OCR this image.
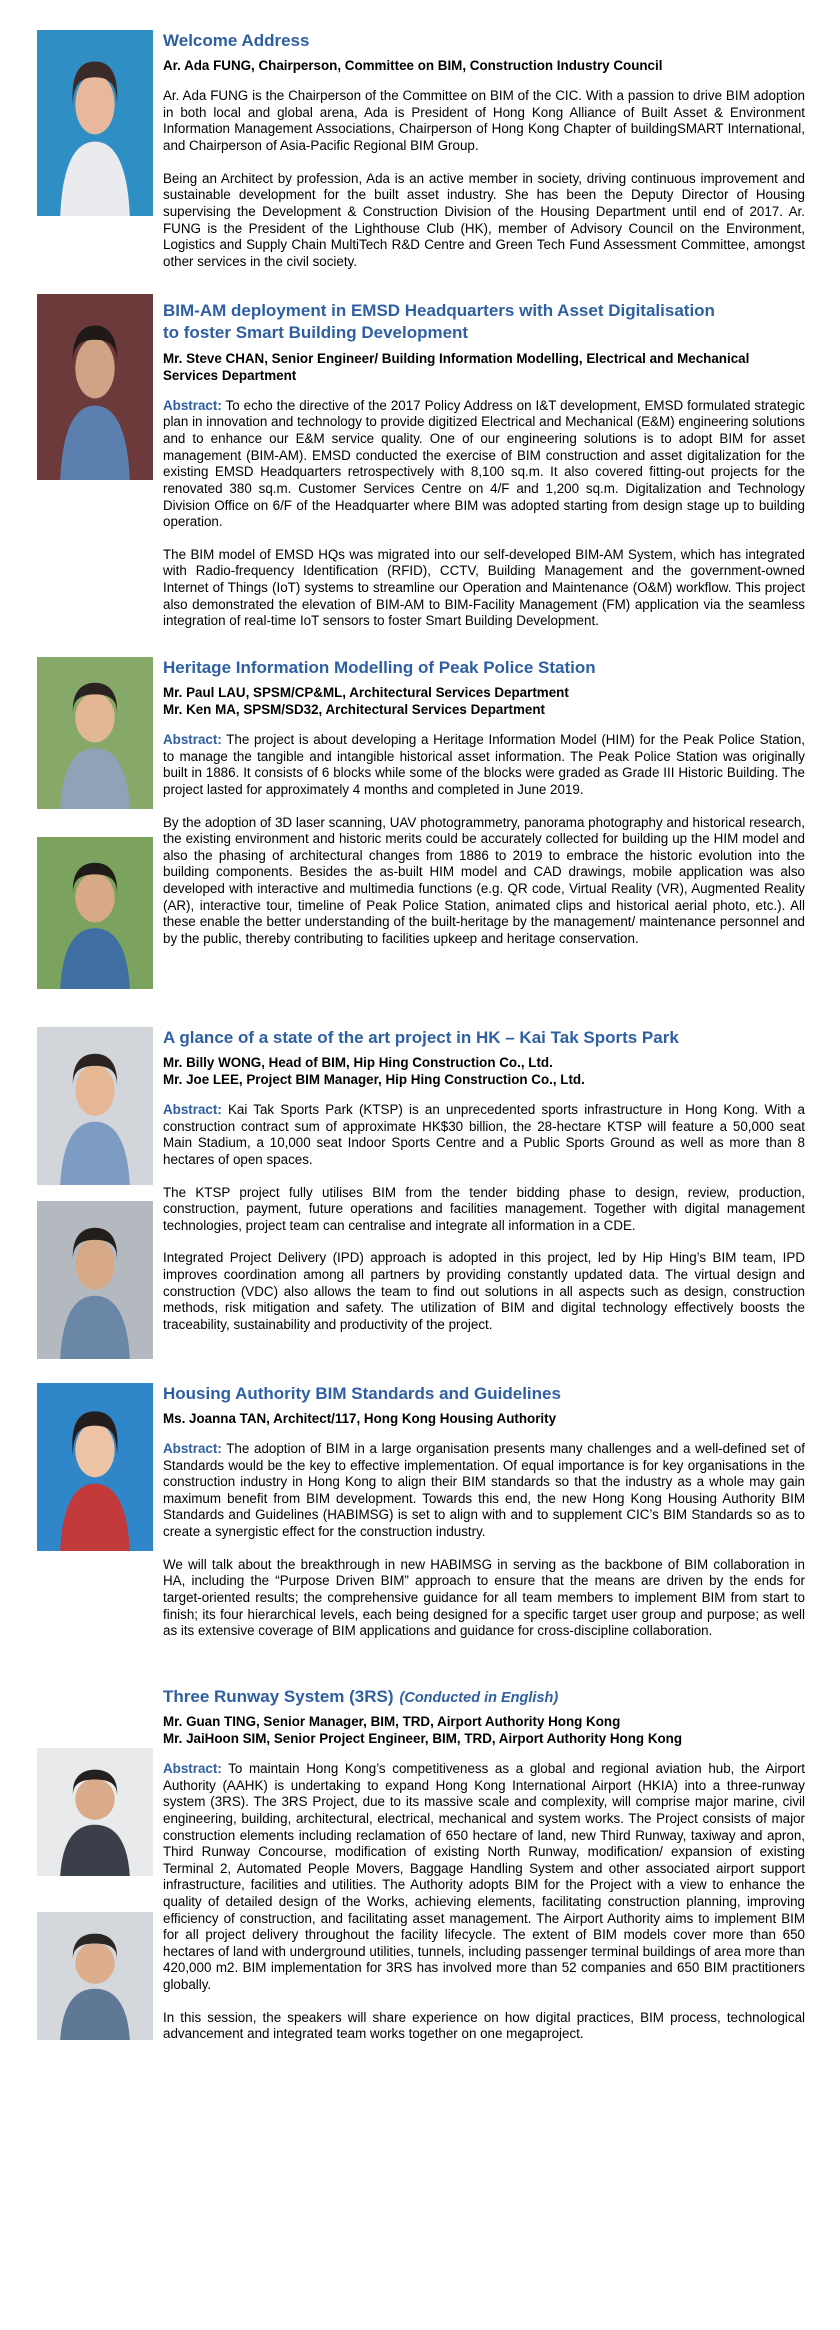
Welcome Address
Ar. Ada FUNG, Chairperson, Committee on BIM, Construction Industry Council

Ar. Ada FUNG is the Chairperson of the Committee on BIM of the CIC. With a passion to drive BIM adoption in both local and global arena, Ada is President of Hong Kong Alliance of Built Asset & Environment Information Management Associations, Chairperson of Hong Kong Chapter of buildingSMART International, and Chairperson of Asia-Pacific Regional BIM Group.

Being an Architect by profession, Ada is an active member in society, driving continuous improvement and sustainable development for the built asset industry. She has been the Deputy Director of Housing supervising the Development & Construction Division of the Housing Department until end of 2017. Ar. FUNG is the President of the Lighthouse Club (HK), member of Advisory Council on the Environment, Logistics and Supply Chain MultiTech R&D Centre and Green Tech Fund Assessment Committee, amongst other services in the civil society.

BIM-AM deployment in EMSD Headquarters with Asset Digitalisation to foster Smart Building Development
Mr. Steve CHAN, Senior Engineer/ Building Information Modelling, Electrical and Mechanical Services Department

Abstract: To echo the directive of the 2017 Policy Address on I&T development, EMSD formulated strategic plan in innovation and technology to provide digitized Electrical and Mechanical (E&M) engineering solutions and to enhance our E&M service quality. One of our engineering solutions is to adopt BIM for asset management (BIM-AM). EMSD conducted the exercise of BIM construction and asset digitalization for the existing EMSD Headquarters retrospectively with 8,100 sq.m. It also covered fitting-out projects for the renovated 380 sq.m. Customer Services Centre on 4/F and 1,200 sq.m. Digitalization and Technology Division Office on 6/F of the Headquarter where BIM was adopted starting from design stage up to building operation.

The BIM model of EMSD HQs was migrated into our self-developed BIM-AM System, which has integrated with Radio-frequency Identification (RFID), CCTV, Building Management and the government-owned Internet of Things (IoT) systems to streamline our Operation and Maintenance (O&M) workflow. This project also demonstrated the elevation of BIM-AM to BIM-Facility Management (FM) application via the seamless integration of real-time IoT sensors to foster Smart Building Development.

Heritage Information Modelling of Peak Police Station
Mr. Paul LAU, SPSM/CP&ML, Architectural Services Department
Mr. Ken MA, SPSM/SD32, Architectural Services Department

Abstract: The project is about developing a Heritage Information Model (HIM) for the Peak Police Station, to manage the tangible and intangible historical asset information. The Peak Police Station was originally built in 1886. It consists of 6 blocks while some of the blocks were graded as Grade III Historic Building. The project lasted for approximately 4 months and completed in June 2019.

By the adoption of 3D laser scanning, UAV photogrammetry, panorama photography and historical research, the existing environment and historic merits could be accurately collected for building up the HIM model and also the phasing of architectural changes from 1886 to 2019 to embrace the historic evolution into the building components. Besides the as-built HIM model and CAD drawings, mobile application was also developed with interactive and multimedia functions (e.g. QR code, Virtual Reality (VR), Augmented Reality (AR), interactive tour, timeline of Peak Police Station, animated clips and historical aerial photo, etc.). All these enable the better understanding of the built-heritage by the management/ maintenance personnel and by the public, thereby contributing to facilities upkeep and heritage conservation.

A glance of a state of the art project in HK – Kai Tak Sports Park
Mr. Billy WONG, Head of BIM, Hip Hing Construction Co., Ltd.
Mr. Joe LEE, Project BIM Manager, Hip Hing Construction Co., Ltd.

Abstract: Kai Tak Sports Park (KTSP) is an unprecedented sports infrastructure in Hong Kong. With a construction contract sum of approximate HK$30 billion, the 28-hectare KTSP will feature a 50,000 seat Main Stadium, a 10,000 seat Indoor Sports Centre and a Public Sports Ground as well as more than 8 hectares of open spaces.

The KTSP project fully utilises BIM from the tender bidding phase to design, review, production, construction, payment, future operations and facilities management. Together with digital management technologies, project team can centralise and integrate all information in a CDE.

Integrated Project Delivery (IPD) approach is adopted in this project, led by Hip Hing’s BIM team, IPD improves coordination among all partners by providing constantly updated data. The virtual design and construction (VDC) also allows the team to find out solutions in all aspects such as design, construction methods, risk mitigation and safety. The utilization of BIM and digital technology effectively boosts the traceability, sustainability and productivity of the project.

Housing Authority BIM Standards and Guidelines
Ms. Joanna TAN, Architect/117, Hong Kong Housing Authority

Abstract: The adoption of BIM in a large organisation presents many challenges and a well-defined set of Standards would be the key to effective implementation. Of equal importance is for key organisations in the construction industry in Hong Kong to align their BIM standards so that the industry as a whole may gain maximum benefit from BIM development. Towards this end, the new Hong Kong Housing Authority BIM Standards and Guidelines (HABIMSG) is set to align with and to supplement CIC’s BIM Standards so as to create a synergistic effect for the construction industry.

We will talk about the breakthrough in new HABIMSG in serving as the backbone of BIM collaboration in HA, including the “Purpose Driven BIM” approach to ensure that the means are driven by the ends for target-oriented results; the comprehensive guidance for all team members to implement BIM from start to finish; its four hierarchical levels, each being designed for a specific target user group and purpose; as well as its extensive coverage of BIM applications and guidance for cross-discipline collaboration.

Three Runway System (3RS) (Conducted in English)
Mr. Guan TING, Senior Manager, BIM, TRD, Airport Authority Hong Kong
Mr. JaiHoon SIM, Senior Project Engineer, BIM, TRD, Airport Authority Hong Kong

Abstract: To maintain Hong Kong’s competitiveness as a global and regional aviation hub, the Airport Authority (AAHK) is undertaking to expand Hong Kong International Airport (HKIA) into a three-runway system (3RS). The 3RS Project, due to its massive scale and complexity, will comprise major marine, civil engineering, building, architectural, electrical, mechanical and system works. The Project consists of major construction elements including reclamation of 650 hectare of land, new Third Runway, taxiway and apron, Third Runway Concourse, modification of existing North Runway, modification/ expansion of existing Terminal 2, Automated People Movers, Baggage Handling System and other associated airport support infrastructure, facilities and utilities. The Authority adopts BIM for the Project with a view to enhance the quality of detailed design of the Works, achieving elements, facilitating construction planning, improving efficiency of construction, and facilitating asset management. The Airport Authority aims to implement BIM for all project delivery throughout the facility lifecycle. The extent of BIM models cover more than 650 hectares of land with underground utilities, tunnels, including passenger terminal buildings of area more than 420,000 m2. BIM implementation for 3RS has involved more than 52 companies and 650 BIM practitioners globally.

In this session, the speakers will share experience on how digital practices, BIM process, technological advancement and integrated team works together on one megaproject.
